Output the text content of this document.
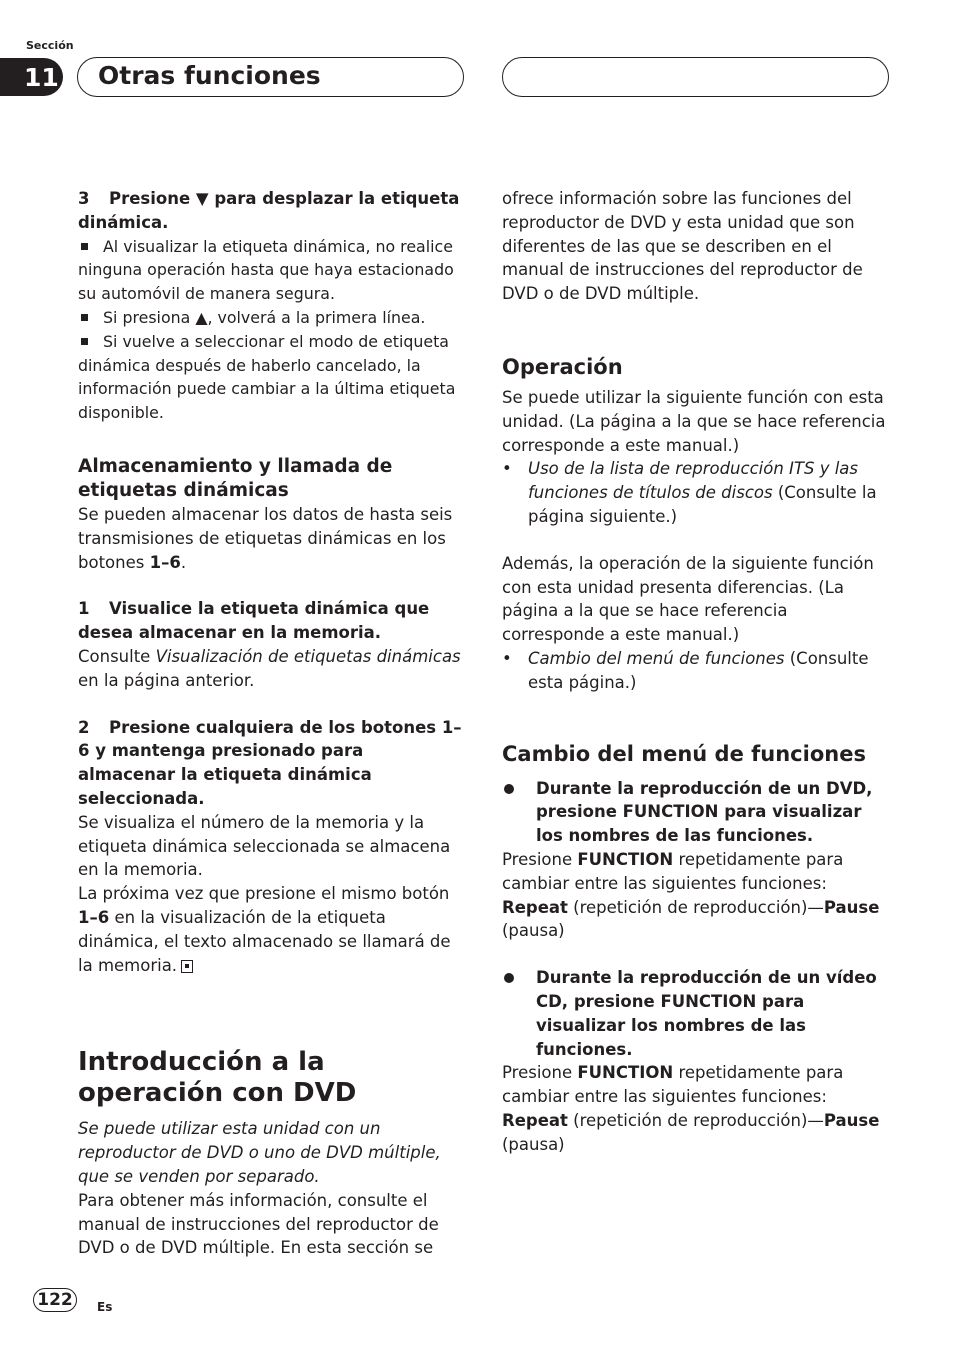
Sección
11 Otras funciones

3 Presione ▼ para desplazar la etiqueta dinámica.

Al visualizar la etiqueta dinámica, no realice ninguna operación hasta que haya estacionado su automóvil de manera segura.

Si presiona ▲, volverá a la primera línea.

Si vuelve a seleccionar el modo de etiqueta dinámica después de haberlo cancelado, la información puede cambiar a la última etiqueta disponible.

Almacenamiento y llamada de etiquetas dinámicas

Se pueden almacenar los datos de hasta seis transmisiones de etiquetas dinámicas en los botones 1–6.

1 Visualice la etiqueta dinámica que desea almacenar en la memoria.

Consulte Visualización de etiquetas dinámicas en la página anterior.

2 Presione cualquiera de los botones 1–6 y mantenga presionado para almacenar la etiqueta dinámica seleccionada.

Se visualiza el número de la memoria y la etiqueta dinámica seleccionada se almacena en la memoria.

La próxima vez que presione el mismo botón 1–6 en la visualización de la etiqueta dinámica, el texto almacenado se llamará de la memoria.

Introducción a la operación con DVD

Se puede utilizar esta unidad con un reproductor de DVD o uno de DVD múltiple, que se venden por separado.

Para obtener más información, consulte el manual de instrucciones del reproductor de DVD o de DVD múltiple. En esta sección se

ofrece información sobre las funciones del reproductor de DVD y esta unidad que son diferentes de las que se describen en el manual de instrucciones del reproductor de DVD o de DVD múltiple.

Operación

Se puede utilizar la siguiente función con esta unidad. (La página a la que se hace referencia corresponde a este manual.)

• Uso de la lista de reproducción ITS y las funciones de títulos de discos (Consulte la página siguiente.)

Además, la operación de la siguiente función con esta unidad presenta diferencias. (La página a la que se hace referencia corresponde a este manual.)

• Cambio del menú de funciones (Consulte esta página.)

Cambio del menú de funciones

Durante la reproducción de un DVD, presione FUNCTION para visualizar los nombres de las funciones.

Presione FUNCTION repetidamente para cambiar entre las siguientes funciones:

Repeat (repetición de reproducción)—Pause (pausa)

Durante la reproducción de un vídeo CD, presione FUNCTION para visualizar los nombres de las funciones.

Presione FUNCTION repetidamente para cambiar entre las siguientes funciones:

Repeat (repetición de reproducción)—Pause (pausa)

122 Es
